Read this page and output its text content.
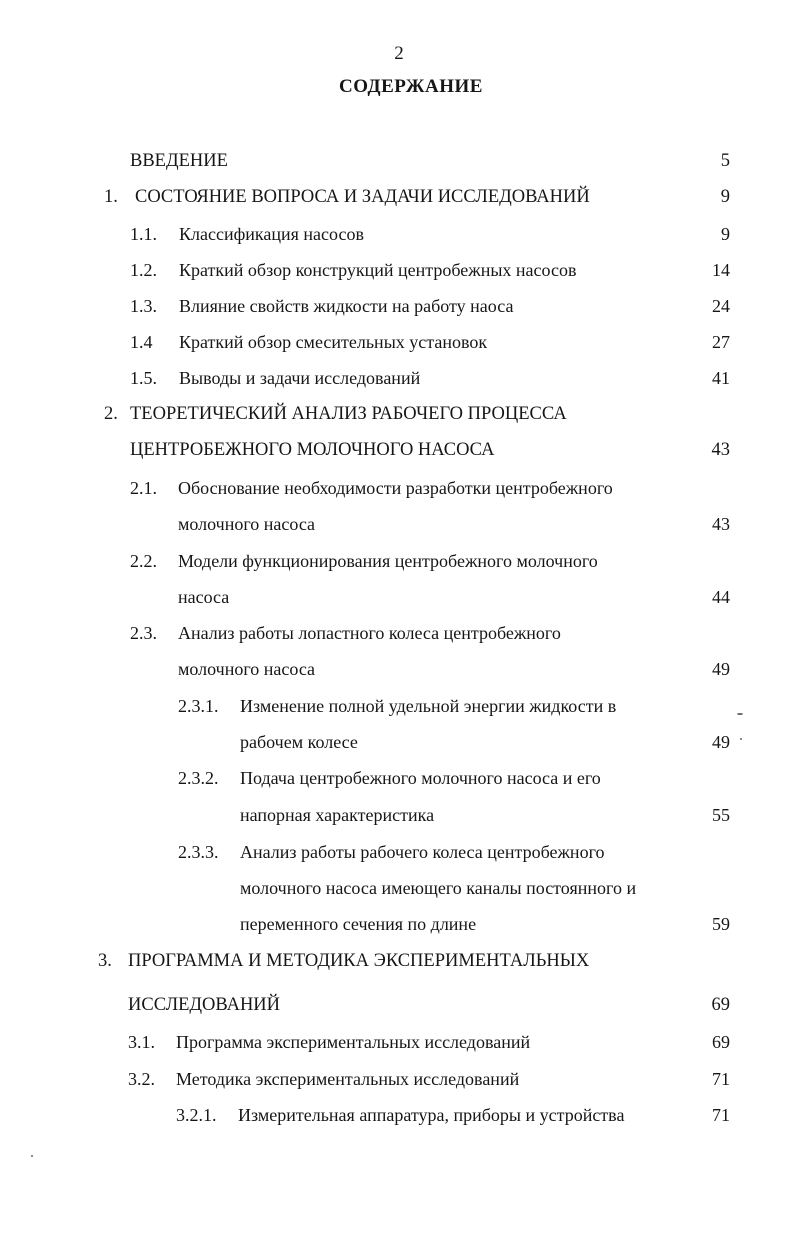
2
СОДЕРЖАНИЕ
ВВЕДЕНИЕ	5
1. СОСТОЯНИЕ ВОПРОСА И ЗАДАЧИ ИССЛЕДОВАНИЙ	9
1.1. Классификация насосов	9
1.2. Краткий обзор конструкций центробежных насосов	14
1.3. Влияние свойств жидкости на работу наоса	24
1.4 Краткий обзор смесительных установок	27
1.5. Выводы и задачи исследований	41
2. ТЕОРЕТИЧЕСКИЙ АНАЛИЗ РАБОЧЕГО ПРОЦЕССА
ЦЕНТРОБЕЖНОГО МОЛОЧНОГО НАСОСА	43
2.1. Обоснование необходимости разработки центробежного
молочного насоса	43
2.2. Модели функционирования центробежного молочного
насоса	44
2.3. Анализ работы лопастного колеса центробежного
молочного насоса	49
2.3.1. Изменение полной удельной энергии жидкости в
рабочем колесе	49
2.3.2. Подача центробежного молочного насоса и его
напорная характеристика	55
2.3.3. Анализ работы рабочего колеса центробежного
молочного насоса имеющего каналы постоянного и
переменного сечения по длине	59
3. ПРОГРАММА И МЕТОДИКА ЭКСПЕРИМЕНТАЛЬНЫХ
ИССЛЕДОВАНИЙ	69
3.1. Программа экспериментальных исследований	69
3.2. Методика экспериментальных исследований	71
3.2.1. Измерительная аппаратура, приборы и устройства	71
